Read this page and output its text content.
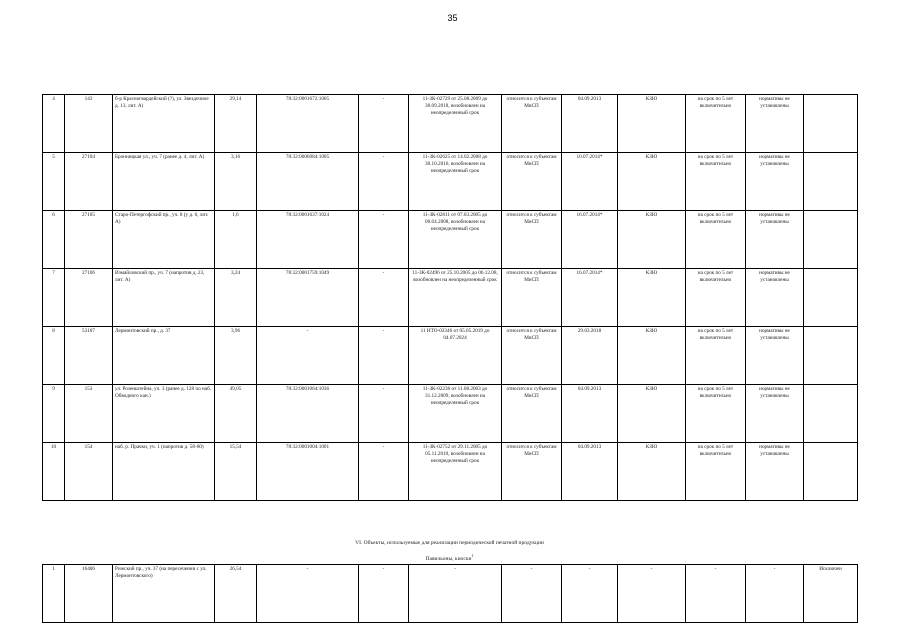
35
4	143	б-р Красногвардейский (?), ул. Звездочное д. 13, лит. А)	29,14	78:32:0001672:1005	-	11-ЗК-02729 от 25.08.2009 до 30.09.2018, возобновлен на неопределенный срок	относится к субъектам МиСП	04.09.2013	КЗЮ	на срок по 5 лет включительно	нормативы не установлены	
5	27104	Бронницкая ул., уч. 7 (ранее д. 4, лит. А)	3,16	78:32:0006084:1005	-	11-ЗК-02625 от 14.02.2008 до 30.10.2016, возобновлен на неопределенный срок	относится к субъектам МиСП	10.07.2014*	КЗЮ	на срок по 5 лет включительно	нормативы не установлены	
6	27105	Старо-Петергофский пр., уч. 8 (у д. 6, лит. А)	1,6	78:32:0001637:1024	-	11-ЗК-02811 от 07.03.2005 до 06.04.2008, возобновлен на неопределенный срок	относится к субъектам МиСП	16.07.2014*	КЗЮ	на срок по 5 лет включительно	нормативы не установлены	
7	27106	Измайловский пр., уч. 7 (напротив д. 23, лит. А)	3,24	78:32:0001759:1049	-	11-ЗК-02496 от 25.10.2005 до 06.12.08, возобновлен на неопределенный срок	относится к субъектам МиСП	16.07.2014*	КЗЮ	на срок по 5 лет включительно	нормативы не установлены	
8	53107	Лермонтовский пр., д. 37	3,96	-	-	11 НТО-03346 от 05.05.2019 до 04.07.2024	относится к субъектам МиСП	29.03.2018	КЗЮ	на срок по 5 лет включительно	нормативы не установлены	
9	153	ул. Розенштейна, уч. 3 (ранее д. 128 по наб. Обводного кан.)	49,05	78:32:0001064:1036	-	11-ЗК-02236 от 11.08.2003 до 31.12.2009, возобновлен на неопределенный срок	относится к субъектам МиСП	04.09.2013	КЗЮ	на срок по 5 лет включительно	нормативы не установлены	
10	154	наб. р. Прачки, уч. 1 (напротив д. 58-60)	15,54	78:32:0001004:1001	-	11-ЗК-02752 от 29.11.2005 до 05.11.2010, возобновлен на неопределенный срок	относится к субъектам МиСП	04.09.2013	КЗЮ	на срок по 5 лет включительно	нормативы не установлены	
VI. Объекты, используемые для реализации периодической печатной продукции
Павильоны, киоски$^1$
1	16406	Рижский пр., уч. 37 (на пересечении с ул. Лермонтовского)	26,54	-	-	-	-	-	-	-	-	Исключен
